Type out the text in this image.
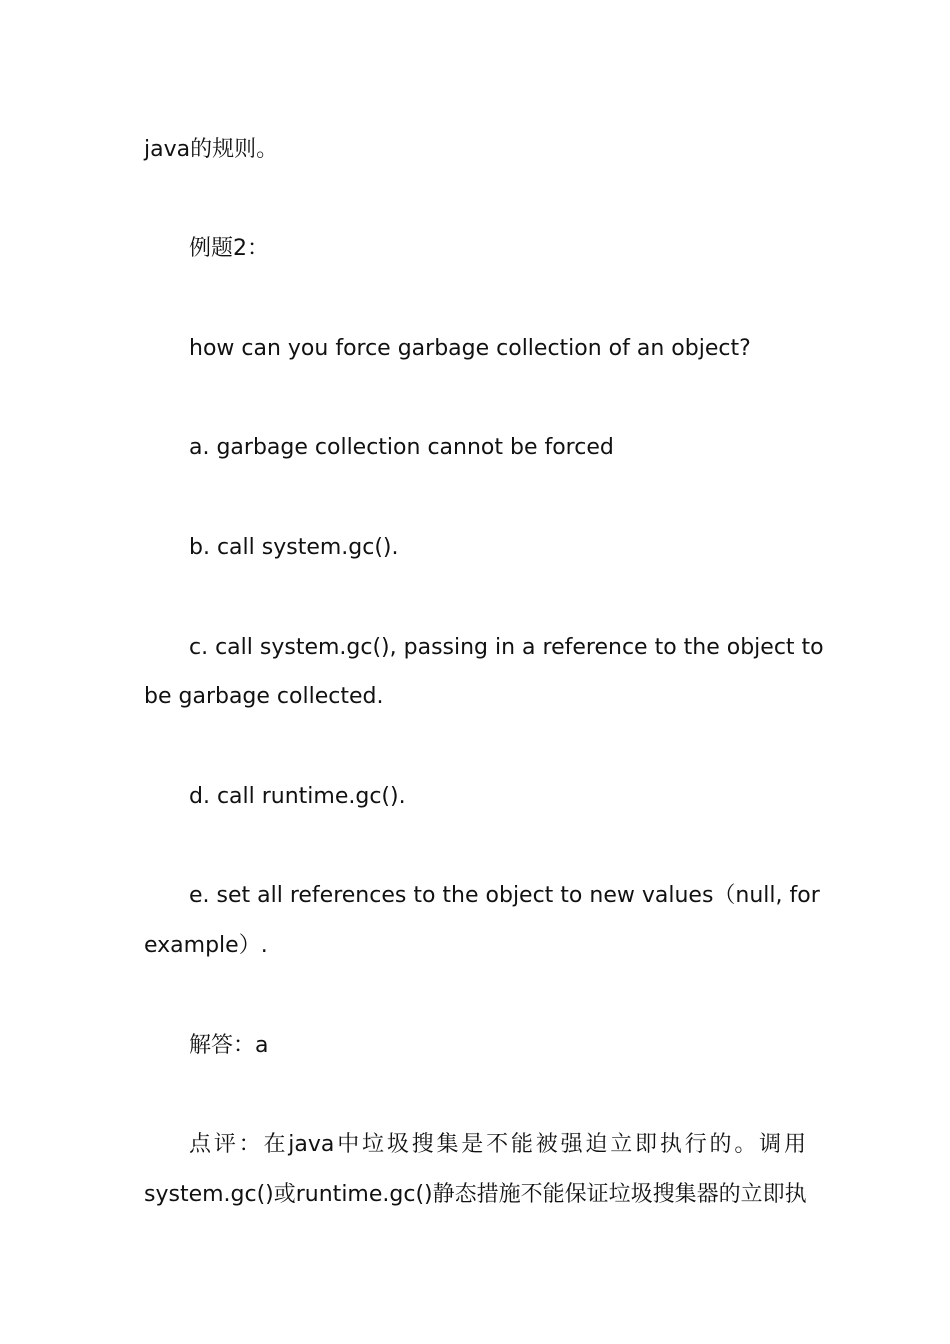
java的规则。
例题2：
how can you force garbage collection of an object?
a. garbage collection cannot be forced
b. call system.gc().
c. call system.gc(), passing in a reference to the object to
be garbage collected.
d. call runtime.gc().
e. set all references to the object to new values（null, for
example）.
解答：a
点评：在java中垃圾搜集是不能被强迫立即执行的。调用
system.gc()或runtime.gc()静态措施不能保证垃圾搜集器的立即执
